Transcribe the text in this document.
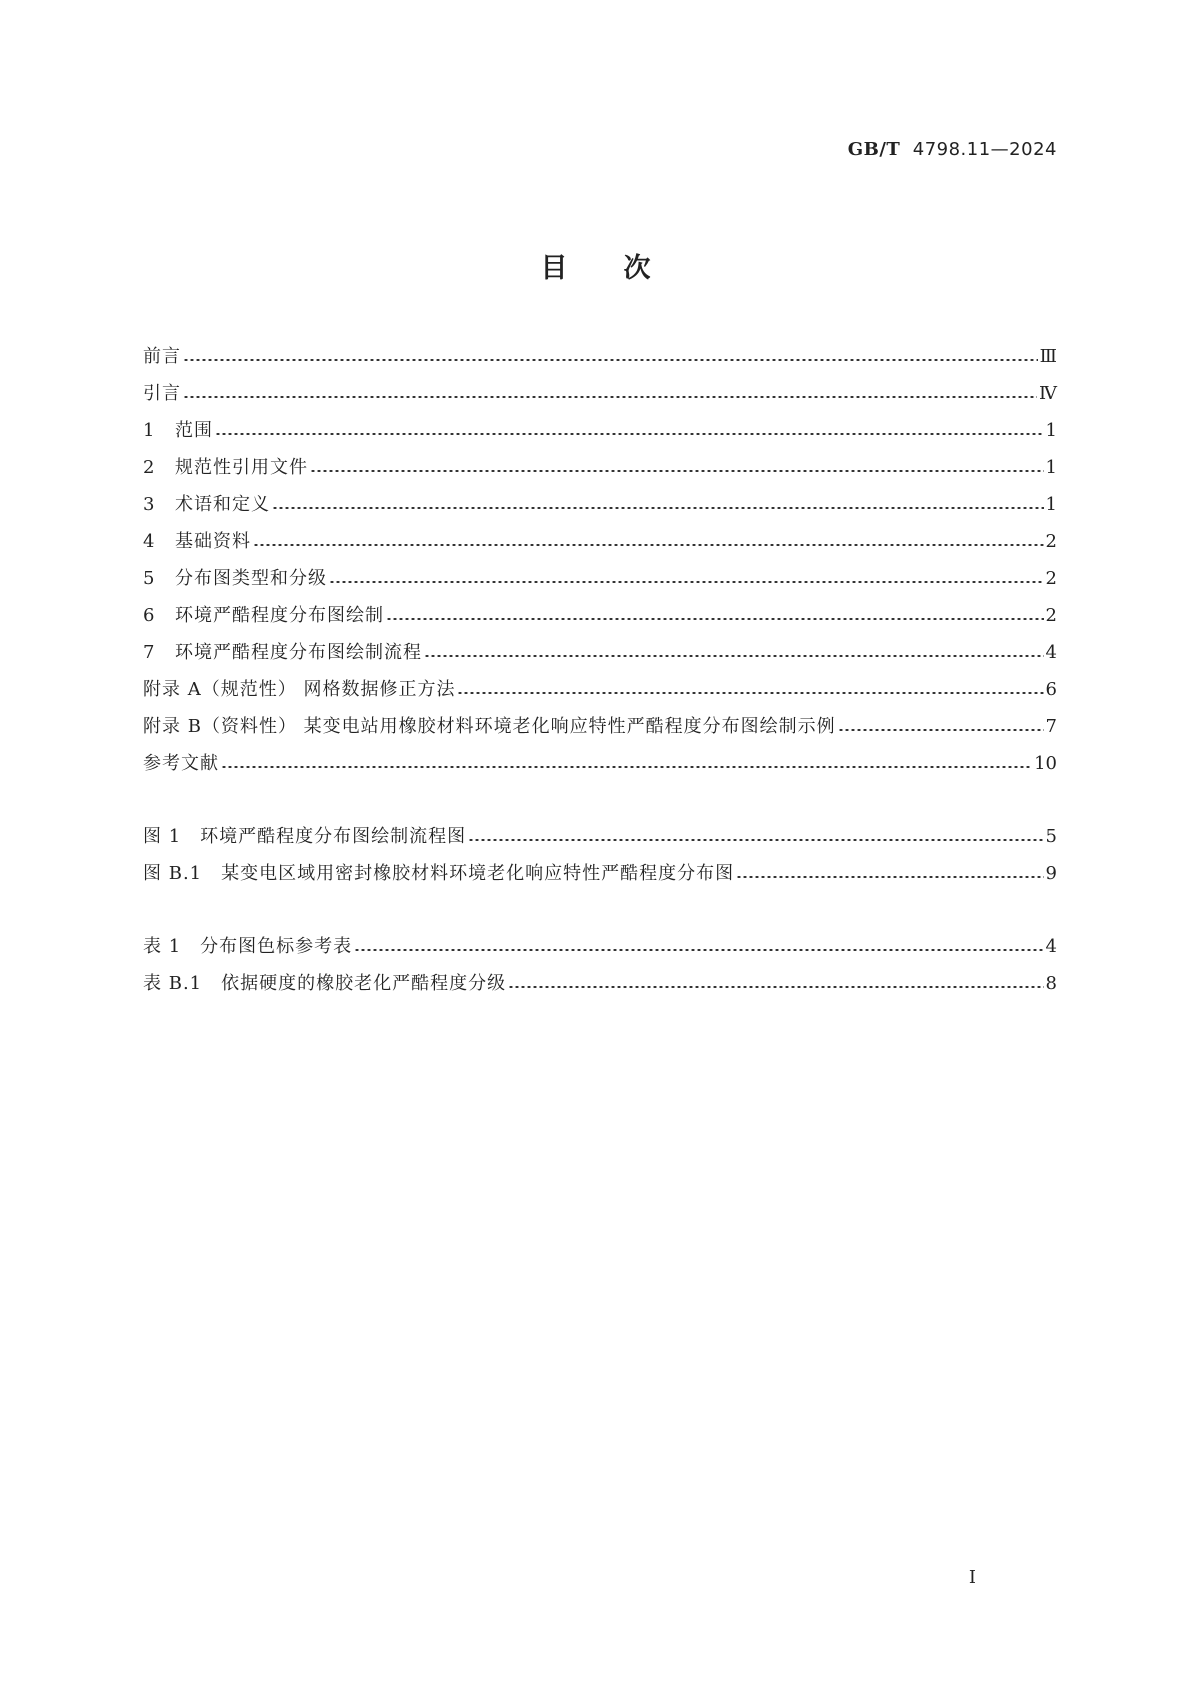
GB/T 4798.11—2024
目次
前言	Ⅲ
引言	Ⅳ
1	范围	1
2	规范性引用文件	1
3	术语和定义	1
4	基础资料	2
5	分布图类型和分级	2
6	环境严酷程度分布图绘制	2
7	环境严酷程度分布图绘制流程	4
附录 A（规范性） 网格数据修正方法	6
附录 B（资料性） 某变电站用橡胶材料环境老化响应特性严酷程度分布图绘制示例	7
参考文献	10
图 1　环境严酷程度分布图绘制流程图	5
图 B.1　某变电区域用密封橡胶材料环境老化响应特性严酷程度分布图	9
表 1　分布图色标参考表	4
表 B.1　依据硬度的橡胶老化严酷程度分级	8
Ⅰ
